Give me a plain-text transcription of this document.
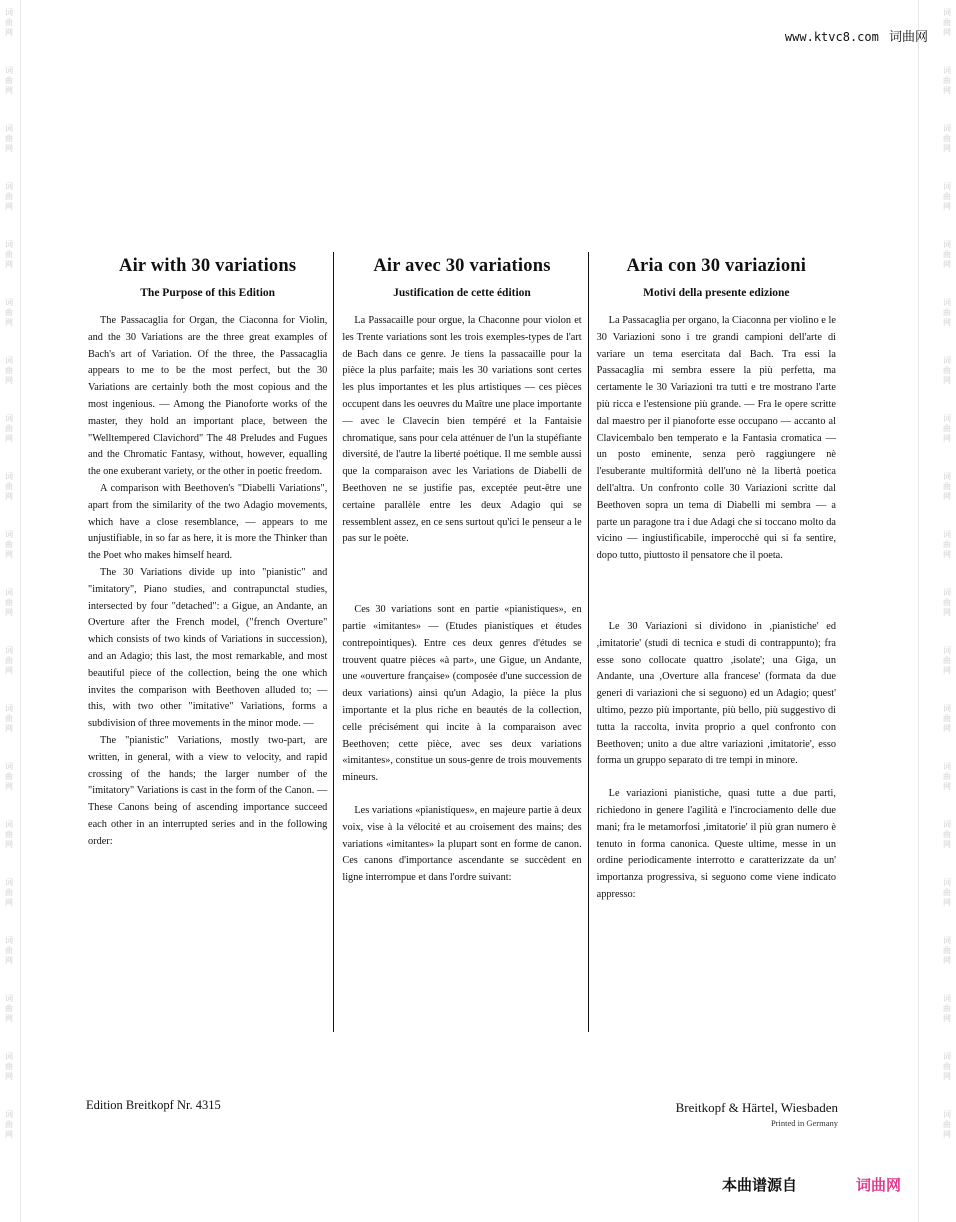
词曲网
词曲网
词曲网
词曲网
词曲网
词曲网
词曲网
词曲网
词曲网
词曲网
词曲网
词曲网
词曲网
词曲网
词曲网
词曲网
词曲网
词曲网
词曲网
词曲网
词曲网
词曲网
词曲网
词曲网
词曲网
词曲网
词曲网
词曲网
词曲网
词曲网
词曲网
词曲网
词曲网
词曲网
词曲网
词曲网
词曲网
词曲网
词曲网
词曲网
www.ktvc8.com 词曲网
Air with 30 variations
The Purpose of this Edition

The Passacaglia for Organ, the Ciaconna for Violin, and the 30 Variations are the three great examples of Bach's art of Variation. Of the three, the Passacaglia appears to me to be the most perfect, but the 30 Variations are certainly both the most copious and the most ingenious. — Among the Pianoforte works of the master, they hold an important place, between the "Welltempered Clavichord" The 48 Preludes and Fugues and the Chromatic Fantasy, without, however, equalling the one exuberant variety, or the other in poetic freedom.

A comparison with Beethoven's "Diabelli Variations", apart from the similarity of the two Adagio movements, which have a close resemblance, — appears to me unjustifiable, in so far as here, it is more the Thinker than the Poet who makes himself heard.

The 30 Variations divide up into "pianistic" and "imitatory", Piano studies, and contrapunctal studies, intersected by four "detached": a Gigue, an Andante, an Overture after the French model, ("french Overture" which consists of two kinds of Variations in succession), and an Adagio; this last, the most remarkable, and most beautiful piece of the collection, being the one which invites the comparison with Beethoven alluded to; — this, with two other "imitative" Variations, forms a subdivision of three movements in the minor mode. —

The "pianistic" Variations, mostly two-part, are written, in general, with a view to velocity, and rapid crossing of the hands; the larger number of the "imitatory" Variations is cast in the form of the Canon. — These Canons being of ascending importance succeed each other in an interrupted series and in the following order:

Air avec 30 variations
Justification de cette édition

La Passacaille pour orgue, la Chaconne pour violon et les Trente variations sont les trois exemples-types de l'art de Bach dans ce genre. Je tiens la passacaille pour la pièce la plus parfaite; mais les 30 variations sont certes les plus importantes et les plus artistiques — ces pièces occupent dans les oeuvres du Maître une place importante — avec le Clavecin bien tempéré et la Fantaisie chromatique, sans pour cela atténuer de l'un la stupéfiante diversité, de l'autre la liberté poétique. Il me semble aussi que la comparaison avec les Variations de Diabelli de Beethoven ne se justifie pas, exceptée peut-être une certaine parallèle entre les deux Adagio qui se ressemblent assez, en ce sens surtout qu'ici le penseur a le pas sur le poète.

Ces 30 variations sont en partie «pianistiques», en partie «imitantes» — (Etudes pianistiques et études contrepointiques). Entre ces deux genres d'études se trouvent quatre pièces «à part», une Gigue, un Andante, une «ouverture française» (composée d'une succession de deux variations) ainsi qu'un Adagio, la pièce la plus importante et la plus riche en beautés de la collection, celle précisément qui incite à la comparaison avec Beethoven; cette pièce, avec ses deux variations «imitantes», constitue un sous-genre de trois mouvements mineurs.

Les variations «pianistiques», en majeure partie à deux voix, vise à la vélocité et au croisement des mains; des variations «imitantes» la plupart sont en forme de canon. Ces canons d'importance ascendante se succèdent en ligne interrompue et dans l'ordre suivant:

Aria con 30 variazioni
Motivi della presente edizione

La Passacaglia per organo, la Ciaconna per violino e le 30 Variazioni sono i tre grandi campioni dell'arte di variare un tema esercitata dal Bach. Tra essi la Passacaglia mi sembra essere la più perfetta, ma certamente le 30 Variazioni tra tutti e tre mostrano l'arte più ricca e l'estensione più grande. — Fra le opere scritte dal maestro per il pianoforte esse occupano — accanto al Clavicembalo ben temperato e la Fantasia cromatica — un posto eminente, senza però raggiungere nè l'esuberante multiformità dell'uno nè la libertà poetica dell'altra. Un confronto colle 30 Variazioni scritte dal Beethoven sopra un tema di Diabelli mi sembra — a parte un paragone tra i due Adagi che si toccano molto da vicino — ingiustificabile, imperocchè qui si fa sentire, dopo tutto, piuttosto il pensatore che il poeta.

Le 30 Variazioni si dividono in ,pianistiche' ed ,imitatorie' (studi di tecnica e studi di contrappunto); fra esse sono collocate quattro ,isolate'; una Giga, un Andante, una ,Overture alla francese' (formata da due generi di variazioni che si seguono) ed un Adagio; quest' ultimo, pezzo più importante, più bello, più suggestivo di tutta la raccolta, invita proprio a quel confronto con Beethoven; unito a due altre variazioni ,imitatorie', esso forma un gruppo separato di tre tempi in minore.

Le variazioni pianistiche, quasi tutte a due parti, richiedono in genere l'agilità e l'incrociamento delle due mani; fra le metamorfosi ,imitatorie' il più gran numero è tenuto in forma canonica. Queste ultime, messe in un ordine periodicamente interrotto e caratterizzate da un' importanza progressiva, si seguono come viene indicato appresso:

Edition Breitkopf Nr. 4315	Breitkopf & Härtel, Wiesbaden
Printed in Germany
本曲谱源自	词曲网
